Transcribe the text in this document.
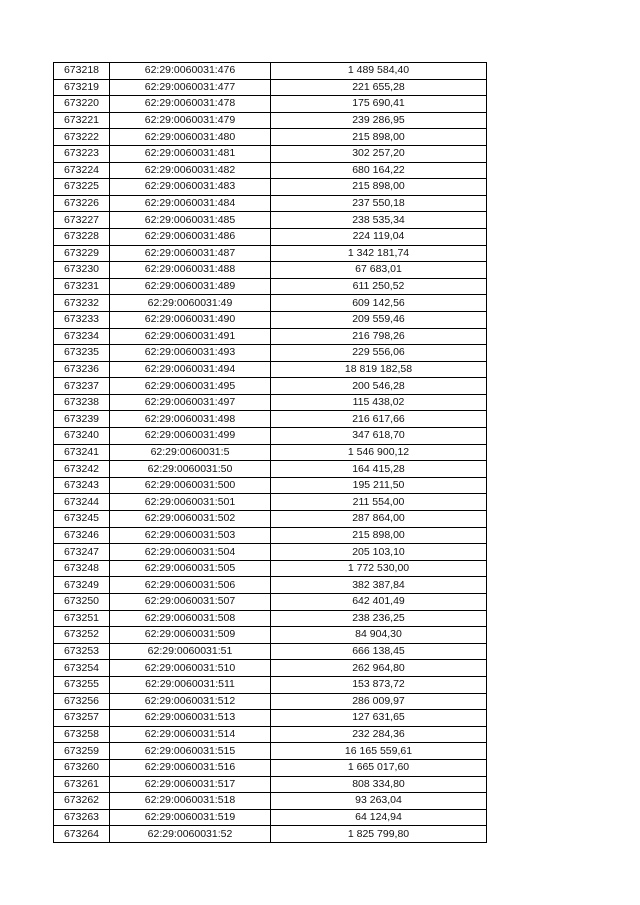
673218	62:29:0060031:476	1 489 584,40
673219	62:29:0060031:477	221 655,28
673220	62:29:0060031:478	175 690,41
673221	62:29:0060031:479	239 286,95
673222	62:29:0060031:480	215 898,00
673223	62:29:0060031:481	302 257,20
673224	62:29:0060031:482	680 164,22
673225	62:29:0060031:483	215 898,00
673226	62:29:0060031:484	237 550,18
673227	62:29:0060031:485	238 535,34
673228	62:29:0060031:486	224 119,04
673229	62:29:0060031:487	1 342 181,74
673230	62:29:0060031:488	67 683,01
673231	62:29:0060031:489	611 250,52
673232	62:29:0060031:49	609 142,56
673233	62:29:0060031:490	209 559,46
673234	62:29:0060031:491	216 798,26
673235	62:29:0060031:493	229 556,06
673236	62:29:0060031:494	18 819 182,58
673237	62:29:0060031:495	200 546,28
673238	62:29:0060031:497	115 438,02
673239	62:29:0060031:498	216 617,66
673240	62:29:0060031:499	347 618,70
673241	62:29:0060031:5	1 546 900,12
673242	62:29:0060031:50	164 415,28
673243	62:29:0060031:500	195 211,50
673244	62:29:0060031:501	211 554,00
673245	62:29:0060031:502	287 864,00
673246	62:29:0060031:503	215 898,00
673247	62:29:0060031:504	205 103,10
673248	62:29:0060031:505	1 772 530,00
673249	62:29:0060031:506	382 387,84
673250	62:29:0060031:507	642 401,49
673251	62:29:0060031:508	238 236,25
673252	62:29:0060031:509	84 904,30
673253	62:29:0060031:51	666 138,45
673254	62:29:0060031:510	262 964,80
673255	62:29:0060031:511	153 873,72
673256	62:29:0060031:512	286 009,97
673257	62:29:0060031:513	127 631,65
673258	62:29:0060031:514	232 284,36
673259	62:29:0060031:515	16 165 559,61
673260	62:29:0060031:516	1 665 017,60
673261	62:29:0060031:517	808 334,80
673262	62:29:0060031:518	93 263,04
673263	62:29:0060031:519	64 124,94
673264	62:29:0060031:52	1 825 799,80
